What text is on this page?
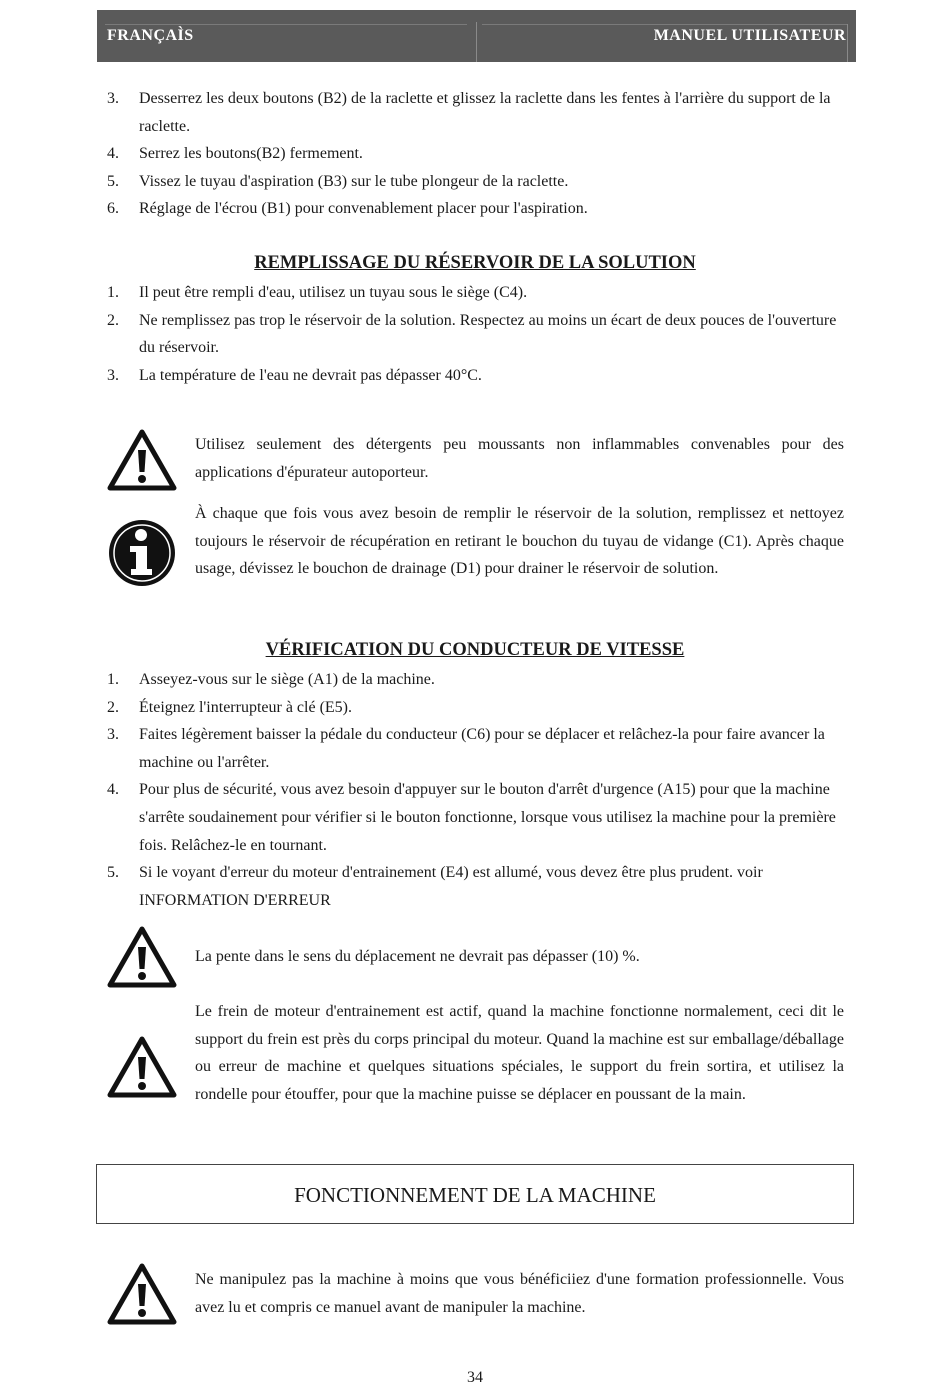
FRANÇAÌS	MANUEL UTILISATEUR
3. Desserrez les deux boutons (B2) de la raclette et glissez la raclette dans les fentes à l'arrière du support de la raclette.
4. Serrez les boutons(B2) fermement.
5. Vissez le tuyau d'aspiration (B3) sur le tube plongeur de la raclette.
6. Réglage de l'écrou (B1) pour convenablement placer pour l'aspiration.
REMPLISSAGE DU RÉSERVOIR DE LA SOLUTION
1. Il peut être rempli d'eau, utilisez un tuyau sous le siège (C4).
2. Ne remplissez pas trop le réservoir de la solution. Respectez au moins un écart de deux pouces de l'ouverture du réservoir.
3. La température de l'eau ne devrait pas dépasser 40°C.
Utilisez seulement des détergents peu moussants non inflammables convenables pour des applications d'épurateur autoporteur.
À chaque que fois vous avez besoin de remplir le réservoir de la solution, remplissez et nettoyez toujours le réservoir de récupération en retirant le bouchon du tuyau de vidange (C1). Après chaque usage, dévissez le bouchon de drainage (D1) pour drainer le réservoir de solution.
VÉRIFICATION DU CONDUCTEUR DE VITESSE
1. Asseyez-vous sur le siège (A1) de la machine.
2. Éteignez l'interrupteur à clé (E5).
3. Faites légèrement baisser la pédale du conducteur (C6) pour se déplacer et relâchez-la pour faire avancer la machine ou l'arrêter.
4. Pour plus de sécurité, vous avez besoin d'appuyer sur le bouton d'arrêt d'urgence (A15) pour que la machine s'arrête soudainement pour vérifier si le bouton fonctionne, lorsque vous utilisez la machine pour la première fois. Relâchez-le en tournant.
5. Si le voyant d'erreur du moteur d'entrainement (E4) est allumé, vous devez être plus prudent. voir INFORMATION D'ERREUR
La pente dans le sens du déplacement ne devrait pas dépasser (10) %.
Le frein de moteur d'entrainement est actif, quand la machine fonctionne normalement, ceci dit le support du frein est près du corps principal du moteur. Quand la machine est sur emballage/déballage ou erreur de machine et quelques situations spéciales, le support du frein sortira, et utilisez la rondelle pour étouffer, pour que la machine puisse se déplacer en poussant de la main.
FONCTIONNEMENT DE LA MACHINE
Ne manipulez pas la machine à moins que vous bénéficiiez d'une formation professionnelle. Vous avez lu et compris ce manuel avant de manipuler la machine.
34
